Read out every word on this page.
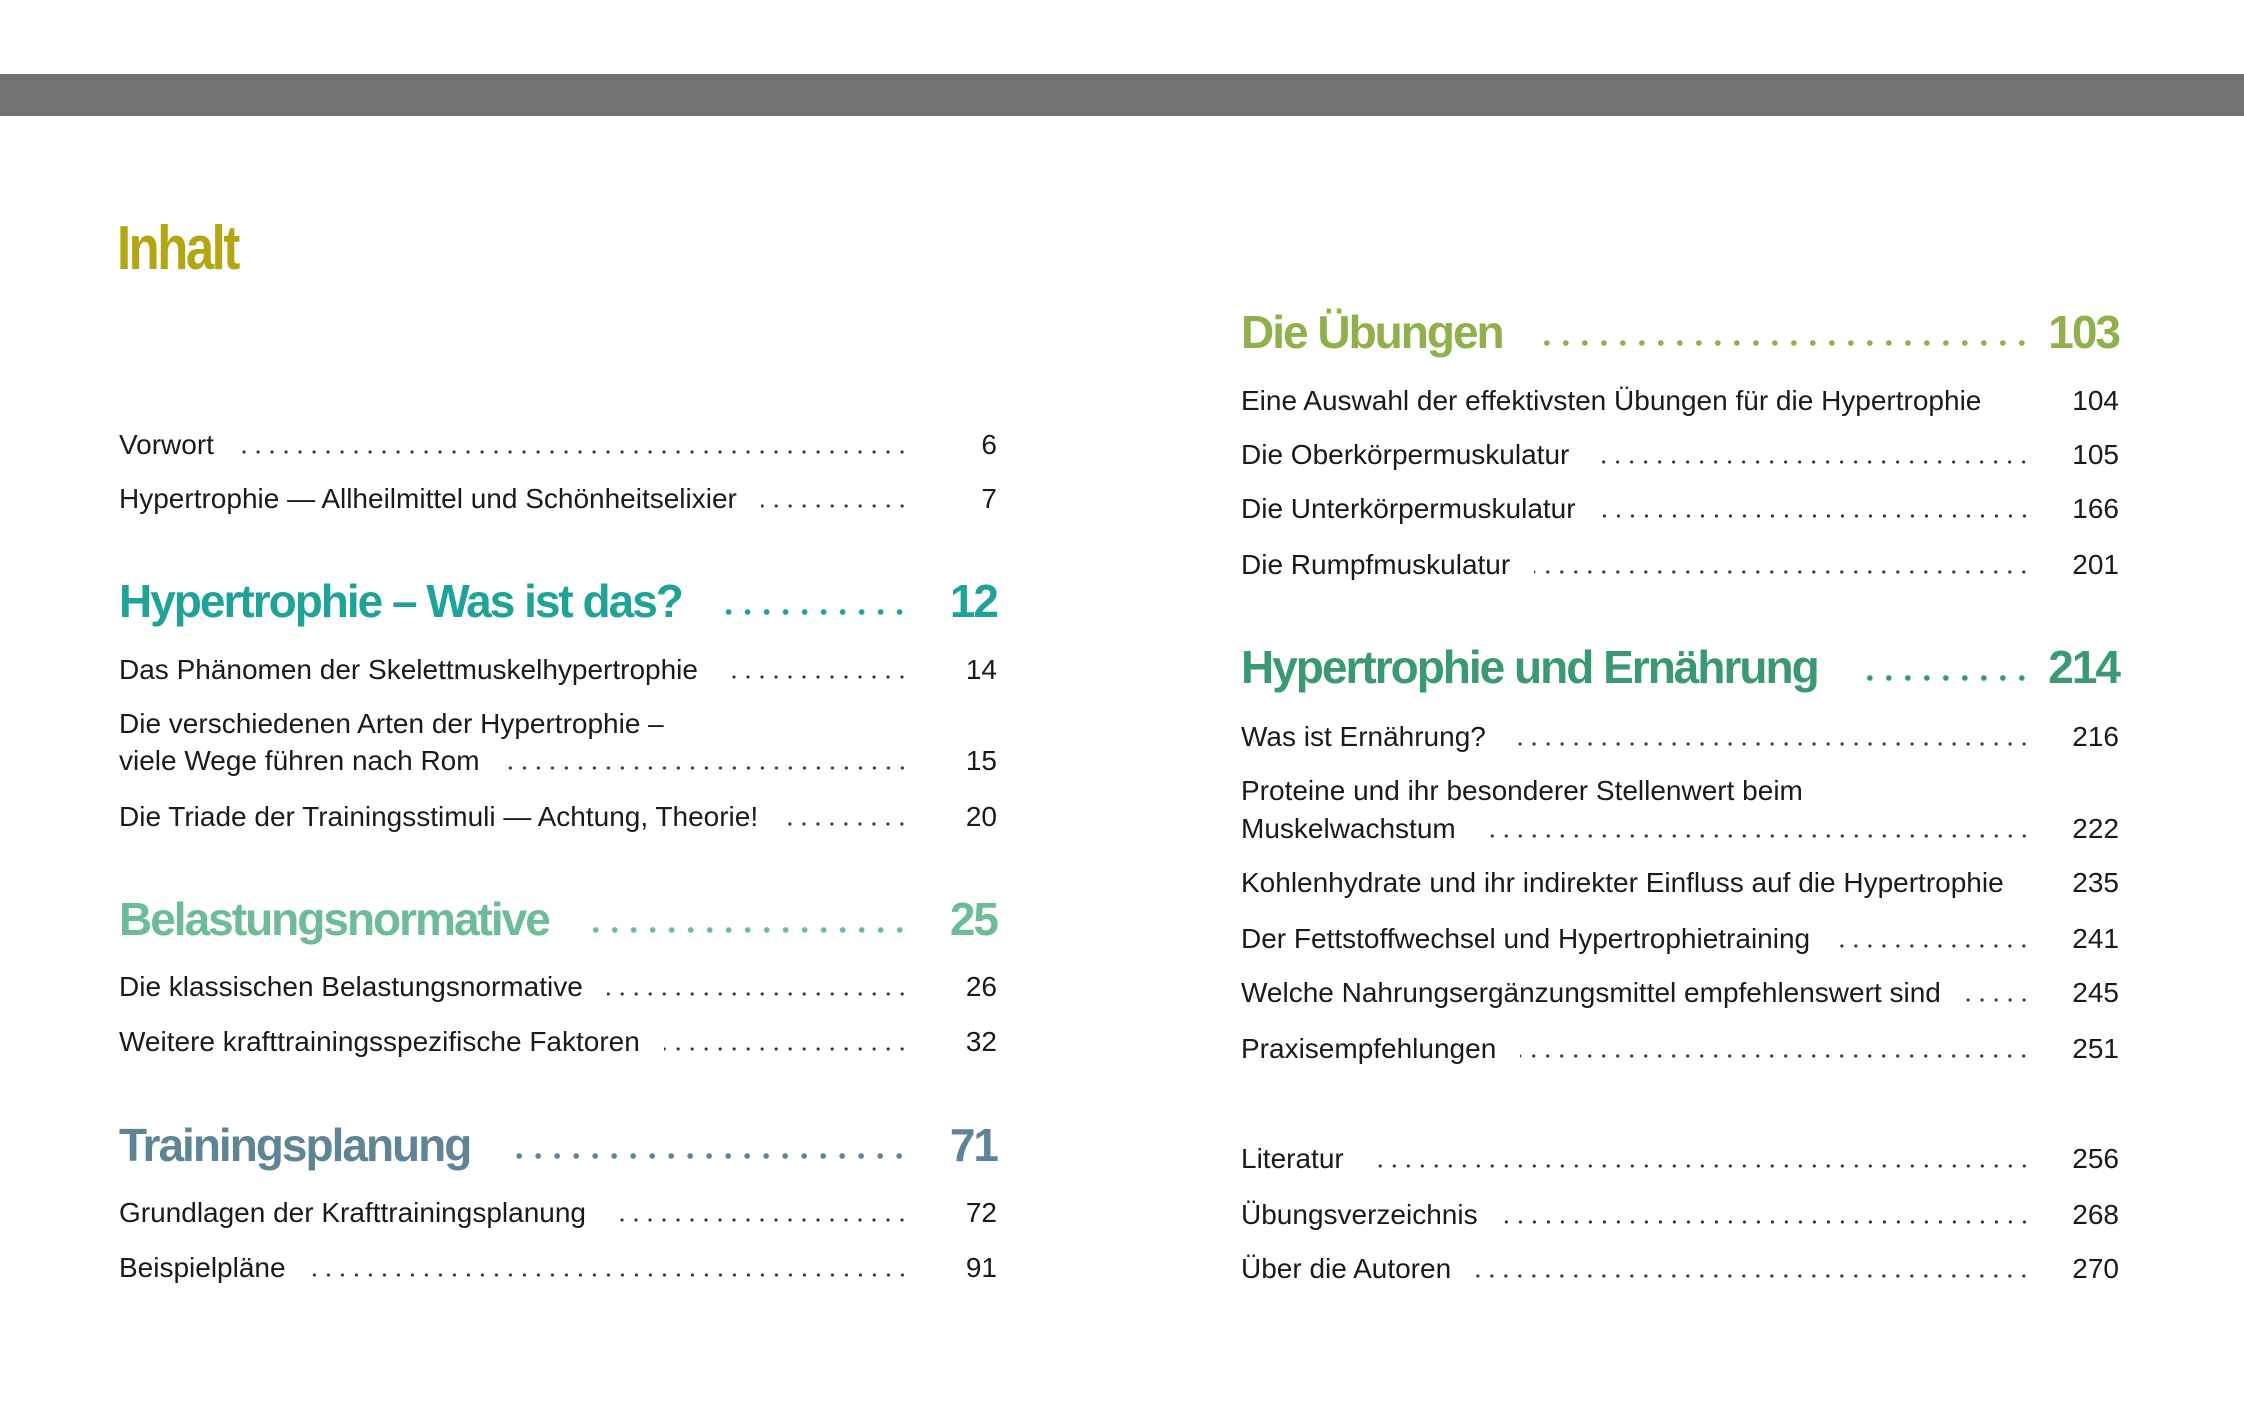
Inhalt
Vorwort	6
Hypertrophie — Allheilmittel und Schönheitselixier	7
Hypertrophie – Was ist das?	12
Das Phänomen der Skelettmuskelhypertrophie	14
Die verschiedenen Arten der Hypertrophie –
viele Wege führen nach Rom	15
Die Triade der Trainingsstimuli — Achtung, Theorie!	20
Belastungsnormative	25
Die klassischen Belastungsnormative	26
Weitere krafttrainingsspezifische Faktoren	32
Trainingsplanung	71
Grundlagen der Krafttrainingsplanung	72
Beispielpläne	91
Die Übungen	103
Eine Auswahl der effektivsten Übungen für die Hypertrophie	104
Die Oberkörpermuskulatur	105
Die Unterkörpermuskulatur	166
Die Rumpfmuskulatur	201
Hypertrophie und Ernährung	214
Was ist Ernährung?	216
Proteine und ihr besonderer Stellenwert beim
Muskelwachstum	222
Kohlenhydrate und ihr indirekter Einfluss auf die Hypertrophie	235
Der Fettstoffwechsel und Hypertrophietraining	241
Welche Nahrungsergänzungsmittel empfehlenswert sind	245
Praxisempfehlungen	251
Literatur	256
Übungsverzeichnis	268
Über die Autoren	270
